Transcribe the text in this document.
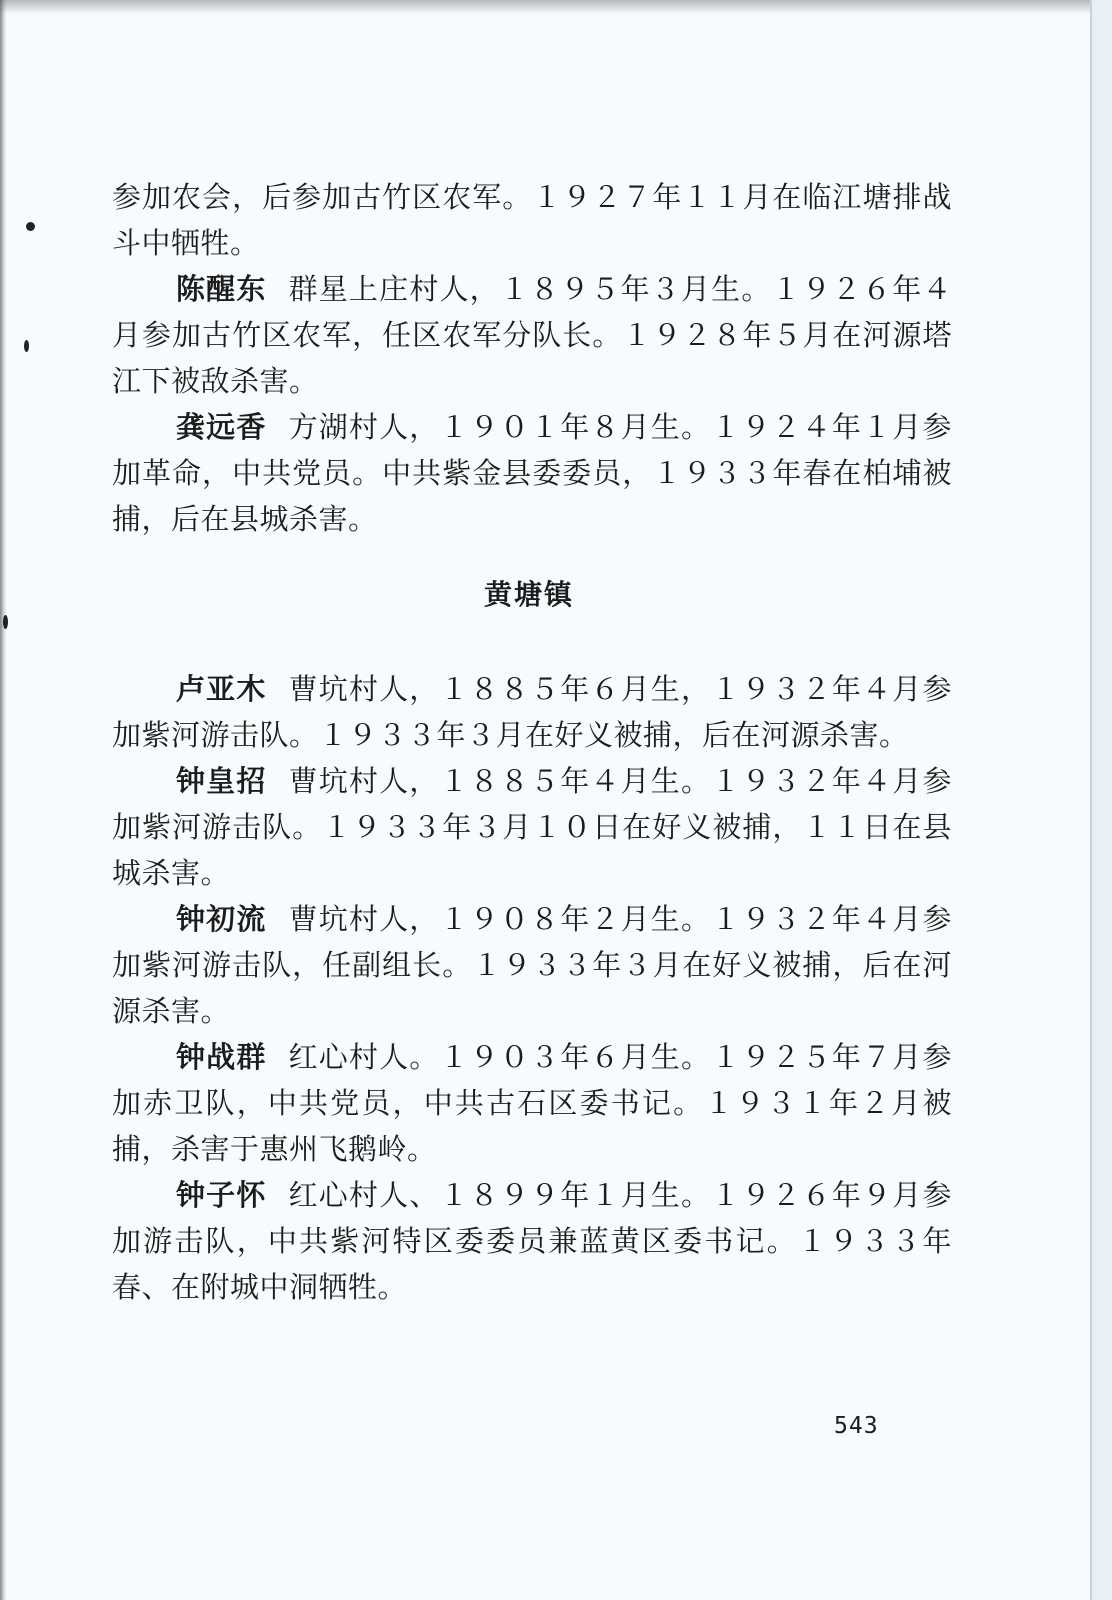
参加农会，后参加古竹区农军。１９２７年１１月在临江塘排战斗中牺牲。

陈醒东 群星上庄村人，１８９５年３月生。１９２６年４月参加古竹区农军，任区农军分队长。１９２８年５月在河源塔江下被敌杀害。

龚远香 方湖村人，１９０１年８月生。１９２４年１月参加革命，中共党员。中共紫金县委委员，１９３３年春在柏埔被捕，后在县城杀害。

黄塘镇

卢亚木 曹坑村人，１８８５年６月生，１９３２年４月参加紫河游击队。１９３３年３月在好义被捕，后在河源杀害。

钟皇招 曹坑村人，１８８５年４月生。１９３２年４月参加紫河游击队。１９３３年３月１０日在好义被捕，１１日在县城杀害。

钟初流 曹坑村人，１９０８年２月生。１９３２年４月参加紫河游击队，任副组长。１９３３年３月在好义被捕，后在河源杀害。

钟战群 红心村人。１９０３年６月生。１９２５年７月参加赤卫队，中共党员，中共古石区委书记。１９３１年２月被捕，杀害于惠州飞鹅岭。

钟子怀 红心村人、１８９９年１月生。１９２６年９月参加游击队，中共紫河特区委委员兼蓝黄区委书记。１９３３年春、在附城中洞牺牲。

543
